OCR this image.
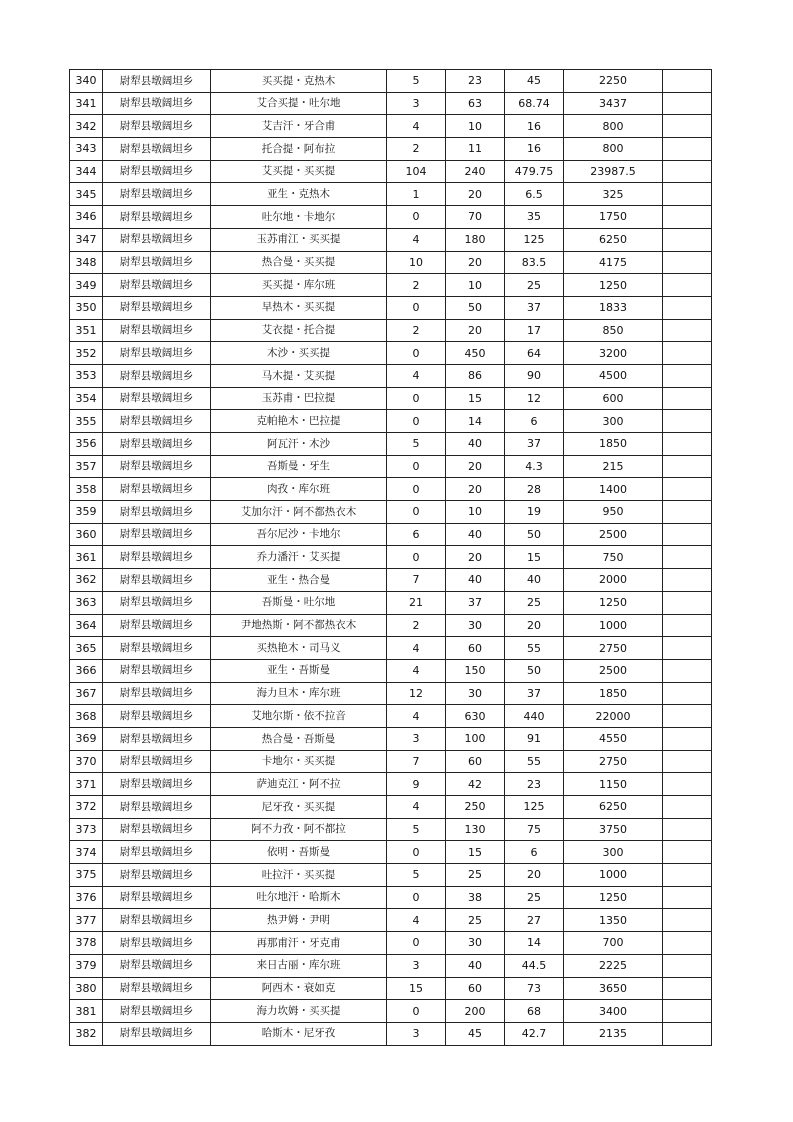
340	尉犁县墩阔坦乡	买买提・克热木	5	23	45	2250	
341	尉犁县墩阔坦乡	艾合买提・吐尔地	3	63	68.74	3437	
342	尉犁县墩阔坦乡	艾吉汗・牙合甫	4	10	16	800	
343	尉犁县墩阔坦乡	托合提・阿布拉	2	11	16	800	
344	尉犁县墩阔坦乡	艾买提・买买提	104	240	479.75	23987.5	
345	尉犁县墩阔坦乡	亚生・克热木	1	20	6.5	325	
346	尉犁县墩阔坦乡	吐尔地・卡地尔	0	70	35	1750	
347	尉犁县墩阔坦乡	玉苏甫江・买买提	4	180	125	6250	
348	尉犁县墩阔坦乡	热合曼・买买提	10	20	83.5	4175	
349	尉犁县墩阔坦乡	买买提・库尔班	2	10	25	1250	
350	尉犁县墩阔坦乡	早热木・买买提	0	50	37	1833	
351	尉犁县墩阔坦乡	艾衣提・托合提	2	20	17	850	
352	尉犁县墩阔坦乡	木沙・买买提	0	450	64	3200	
353	尉犁县墩阔坦乡	马木提・艾买提	4	86	90	4500	
354	尉犁县墩阔坦乡	玉苏甫・巴拉提	0	15	12	600	
355	尉犁县墩阔坦乡	克帕艳木・巴拉提	0	14	6	300	
356	尉犁县墩阔坦乡	阿瓦汗・木沙	5	40	37	1850	
357	尉犁县墩阔坦乡	吾斯曼・牙生	0	20	4.3	215	
358	尉犁县墩阔坦乡	肉孜・库尔班	0	20	28	1400	
359	尉犁县墩阔坦乡	艾加尔汗・阿不都热衣木	0	10	19	950	
360	尉犁县墩阔坦乡	吾尔尼沙・卡地尔	6	40	50	2500	
361	尉犁县墩阔坦乡	乔力潘汗・艾买提	0	20	15	750	
362	尉犁县墩阔坦乡	亚生・热合曼	7	40	40	2000	
363	尉犁县墩阔坦乡	吾斯曼・吐尔地	21	37	25	1250	
364	尉犁县墩阔坦乡	尹地热斯・阿不都热衣木	2	30	20	1000	
365	尉犁县墩阔坦乡	买热艳木・司马义	4	60	55	2750	
366	尉犁县墩阔坦乡	亚生・吾斯曼	4	150	50	2500	
367	尉犁县墩阔坦乡	海力旦木・库尔班	12	30	37	1850	
368	尉犁县墩阔坦乡	艾地尔斯・依不拉音	4	630	440	22000	
369	尉犁县墩阔坦乡	热合曼・吾斯曼	3	100	91	4550	
370	尉犁县墩阔坦乡	卡地尔・买买提	7	60	55	2750	
371	尉犁县墩阔坦乡	萨迪克江・阿不拉	9	42	23	1150	
372	尉犁县墩阔坦乡	尼牙孜・买买提	4	250	125	6250	
373	尉犁县墩阔坦乡	阿不力孜・阿不都拉	5	130	75	3750	
374	尉犁县墩阔坦乡	依明・吾斯曼	0	15	6	300	
375	尉犁县墩阔坦乡	吐拉汗・买买提	5	25	20	1000	
376	尉犁县墩阔坦乡	吐尔地汗・哈斯木	0	38	25	1250	
377	尉犁县墩阔坦乡	热尹姆・尹明	4	25	27	1350	
378	尉犁县墩阔坦乡	再那甫汗・牙克甫	0	30	14	700	
379	尉犁县墩阔坦乡	来日古丽・库尔班	3	40	44.5	2225	
380	尉犁县墩阔坦乡	阿西木・衰如克	15	60	73	3650	
381	尉犁县墩阔坦乡	海力坎姆・买买提	0	200	68	3400	
382	尉犁县墩阔坦乡	哈斯木・尼牙孜	3	45	42.7	2135	
